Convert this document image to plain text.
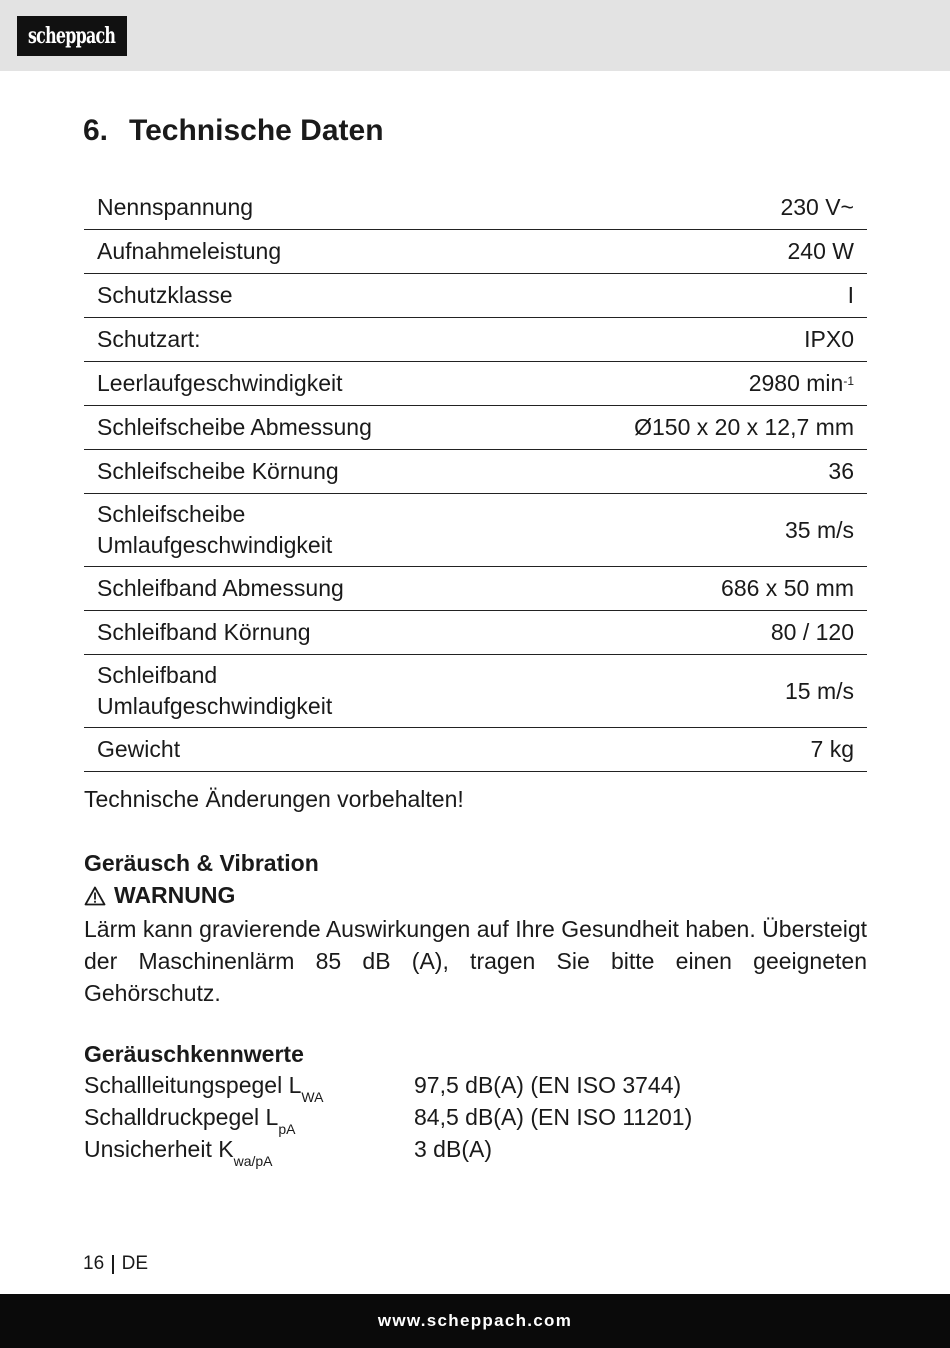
scheppach
6. Technische Daten
Nennspannung	230 V~
Aufnahmeleistung	240 W
Schutzklasse	I
Schutzart:	IPX0
Leerlaufgeschwindigkeit	2980 $\min^{-1}$
Schleifscheibe Abmessung	Ø150 x 20 x 12,7 mm
Schleifscheibe Körnung	36
Schleifscheibe
Umlaufgeschwindigkeit	35 m/s
Schleifband Abmessung	686 x 50 mm
Schleifband Körnung	80 / 120
Schleifband
Umlaufgeschwindigkeit	15 m/s
Gewicht	7 kg
Technische Änderungen vorbehalten!
Geräusch & Vibration
WARNUNG

Lärm kann gravierende Auswirkungen auf Ihre Gesundheit haben. Übersteigt der Maschinenlärm 85 dB (A), tragen Sie bitte einen geeigneten Gehörschutz.

Geräuschkennwerte
Schallleitungspegel $L_{WA}$	97,5 dB(A) (EN ISO 3744)
Schalldruckpegel $L_{pA}$	84,5 dB(A) (EN ISO 11201)
Unsicherheit $K_{wa/pA}$	3 dB(A)
16 DE
www.scheppach.com
